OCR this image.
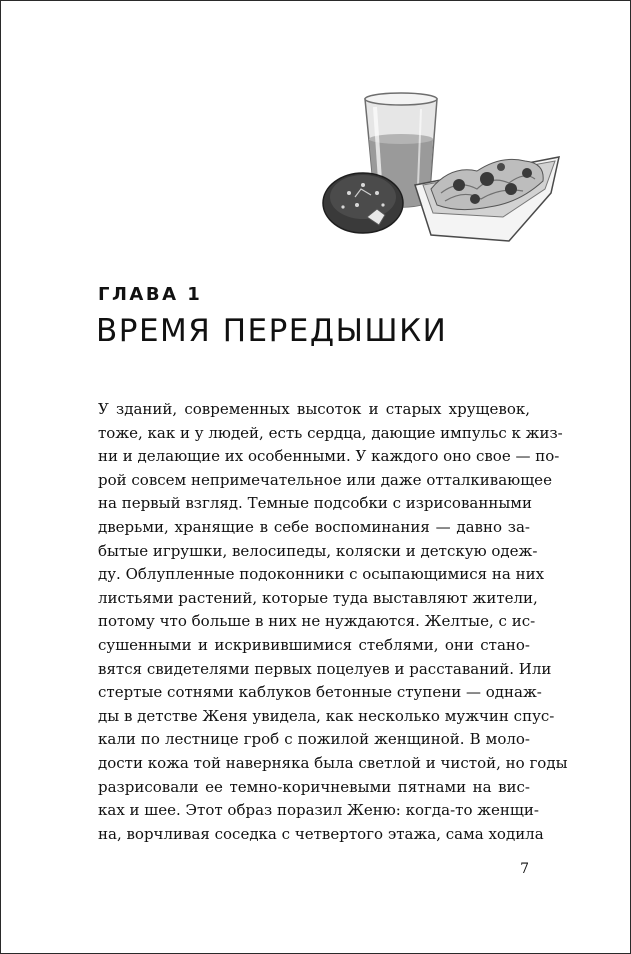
ГЛАВА 1
ВРЕМЯ ПЕРЕДЫШКИ
У зданий, современных высоток и старых хрущевок,
тоже, как и у людей, есть сердца, дающие импульс к жиз-
ни и делающие их особенными. У каждого оно свое — по-
рой совсем непримечательное или даже отталкивающее
на первый взгляд. Темные подсобки с изрисованными
дверьми, хранящие в себе воспоминания — давно за-
бытые игрушки, велосипеды, коляски и детскую одеж-
ду. Облупленные подоконники с осыпающимися на них
листьями растений, которые туда выставляют жители,
потому что больше в них не нуждаются. Желтые, с ис-
сушенными и искривившимися стеблями, они стано-
вятся свидетелями первых поцелуев и расставаний. Или
стертые сотнями каблуков бетонные ступени — однаж-
ды в детстве Женя увидела, как несколько мужчин спус-
кали по лестнице гроб с пожилой женщиной. В моло-
дости кожа той наверняка была светлой и чистой, но годы
разрисовали ее темно-коричневыми пятнами на вис-
ках и шее. Этот образ поразил Женю: когда-то женщи-
на, ворчливая соседка с четвертого этажа, сама ходила
7
